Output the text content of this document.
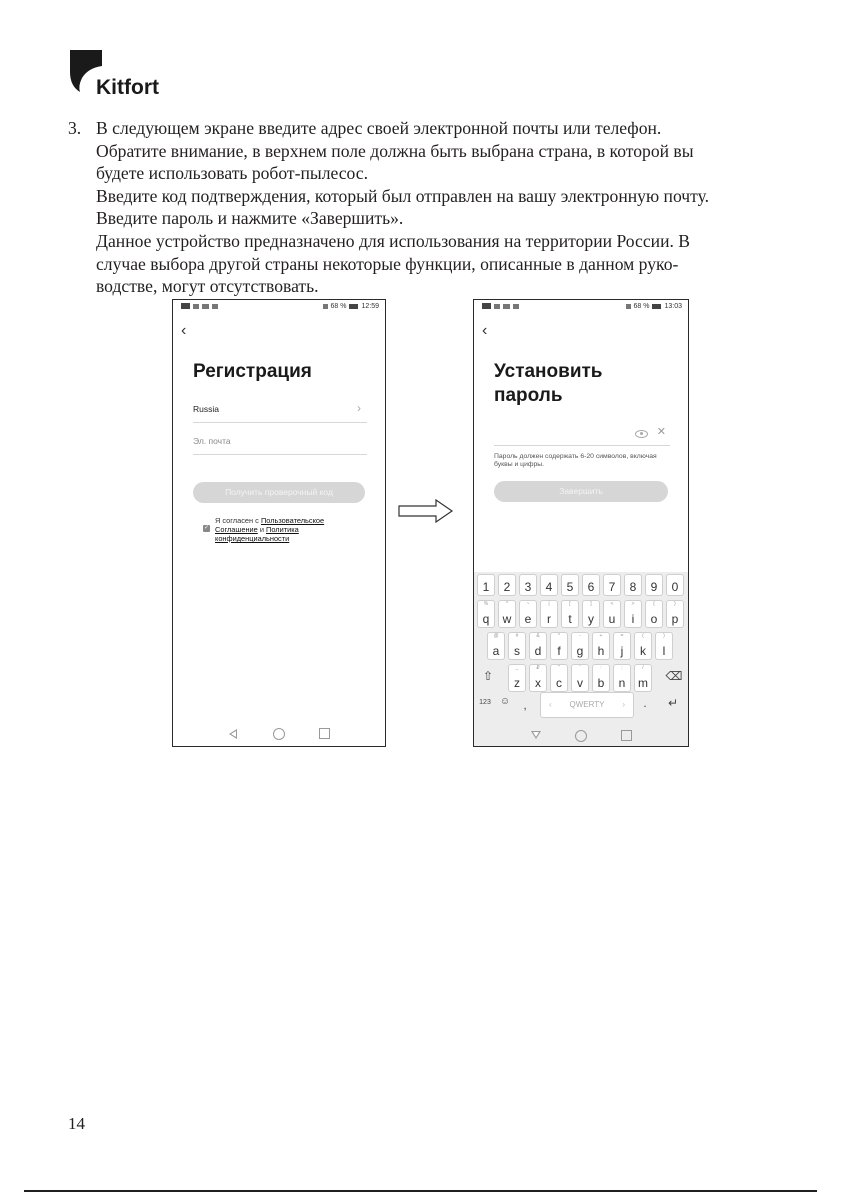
Kitfort
3. В следующем экране введите адрес своей электронной почты или телефон.
Обратите внимание, в верхнем поле должна быть выбрана страна, в которой вы
будете использовать робот-пылесос.
Введите код подтверждения, который был отправлен на вашу электронную почту.
Введите пароль и нажмите «Завершить».
Данное устройство предназначено для использования на территории России. В
случае выбора другой страны некоторые функции, описанные в данном руко-
водстве, могут отсутствовать.
68 % 12:59
‹
Регистрация
Russia	›
Эл. почта
Получить проверочный код
✓
Я согласен с Пользовательское Соглашение и Политика конфиденциальности
68 % 13:03
‹
Установить
пароль
✕
Пароль должен содержать 6-20 символов, включая буквы и цифры.
Завершить
1	2	3	4	5	6	7	8	9	0
%
q
^
w
~
e
|
r
[
t
]
y
<
u
>
i
{
o
}
p
@
a
#
s
&
d
*
f
-
g
+
h
=
j
(
k
)
l
_
z
₽
x
"
c
'
v
:
b
;
n
/
m
⇧	⌫
123 ☺	,	‹ QWERTY ›	.	↵
14
